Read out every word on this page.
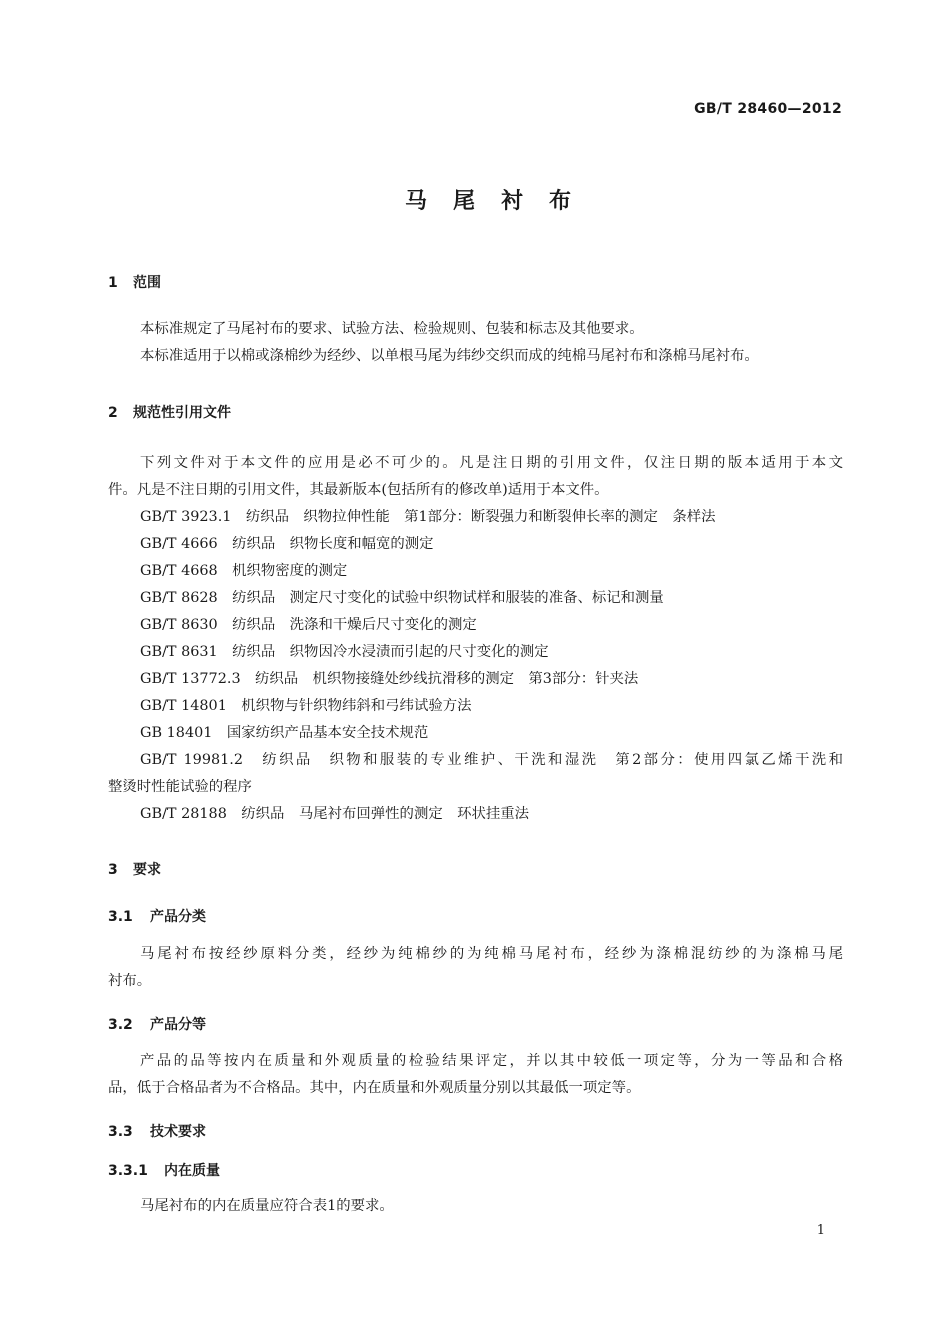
GB/T 28460—2012
马尾衬布
1 范围
本标准规定了马尾衬布的要求、试验方法、检验规则、包装和标志及其他要求。
本标准适用于以棉或涤棉纱为经纱、以单根马尾为纬纱交织而成的纯棉马尾衬布和涤棉马尾衬布。
2 规范性引用文件
下列文件对于本文件的应用是必不可少的。凡是注日期的引用文件，仅注日期的版本适用于本文
件。凡是不注日期的引用文件，其最新版本(包括所有的修改单)适用于本文件。
GB/T 3923.1　纺织品　织物拉伸性能　第1部分：断裂强力和断裂伸长率的测定　条样法
GB/T 4666　纺织品　织物长度和幅宽的测定
GB/T 4668　机织物密度的测定
GB/T 8628　纺织品　测定尺寸变化的试验中织物试样和服装的准备、标记和测量
GB/T 8630　纺织品　洗涤和干燥后尺寸变化的测定
GB/T 8631　纺织品　织物因冷水浸渍而引起的尺寸变化的测定
GB/T 13772.3　纺织品　机织物接缝处纱线抗滑移的测定　第3部分：针夹法
GB/T 14801　机织物与针织物纬斜和弓纬试验方法
GB 18401　国家纺织产品基本安全技术规范
GB/T 19981.2　纺织品　织物和服装的专业维护、干洗和湿洗　第2部分：使用四氯乙烯干洗和
整烫时性能试验的程序
GB/T 28188　纺织品　马尾衬布回弹性的测定　环状挂重法
3 要求
3.1 产品分类
马尾衬布按经纱原料分类，经纱为纯棉纱的为纯棉马尾衬布，经纱为涤棉混纺纱的为涤棉马尾
衬布。
3.2 产品分等
产品的品等按内在质量和外观质量的检验结果评定，并以其中较低一项定等，分为一等品和合格
品，低于合格品者为不合格品。其中，内在质量和外观质量分别以其最低一项定等。
3.3 技术要求
3.3.1 内在质量
马尾衬布的内在质量应符合表1的要求。
1
